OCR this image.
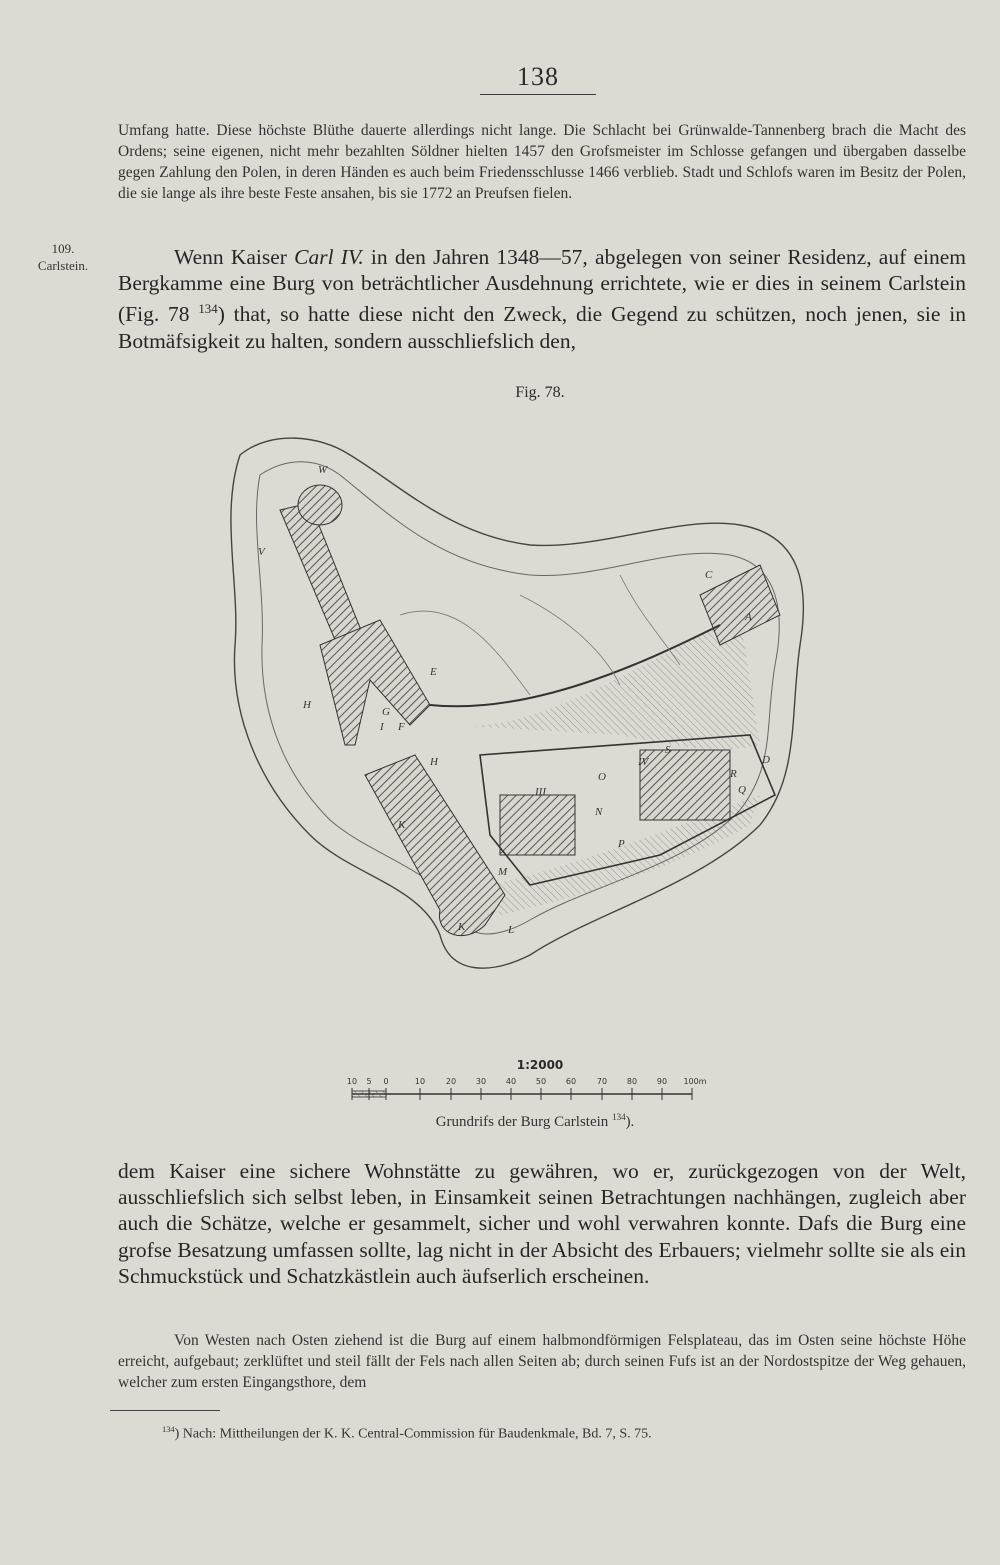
138
Umfang hatte. Diese höchste Blüthe dauerte allerdings nicht lange. Die Schlacht bei Grünwalde-Tannenberg brach die Macht des Ordens; seine eigenen, nicht mehr bezahlten Söldner hielten 1457 den Grofsmeister im Schlosse gefangen und übergaben dasselbe gegen Zahlung den Polen, in deren Händen es auch beim Friedensschlusse 1466 verblieb. Stadt und Schlofs waren im Besitz der Polen, die sie lange als ihre beste Feste ansahen, bis sie 1772 an Preufsen fielen.
109.
Carlstein.	Wenn Kaiser Carl IV. in den Jahren 1348—57, abgelegen von seiner Residenz, auf einem Bergkamme eine Burg von beträchtlicher Ausdehnung errichtete, wie er dies in seinem Carlstein (Fig. 78 $^{134}$) that, so hatte diese nicht den Zweck, die Gegend zu schützen, noch jenen, sie in Botmäfsigkeit zu halten, sondern ausschliefslich den,
Fig. 78.
W
V
C
A
E
G
I F
H
H	IV
S
D
R
Q
O
III
N
P
K
M
K	L
1:2000
10 5 0	10	20 30 40 50 60	70 80 90 100m
Grundrifs der Burg Carlstein $^{134}$).
dem Kaiser eine sichere Wohnstätte zu gewähren, wo er, zurückgezogen von der Welt, ausschliefslich sich selbst leben, in Einsamkeit seinen Betrachtungen nachhängen, zugleich aber auch die Schätze, welche er gesammelt, sicher und wohl verwahren konnte. Dafs die Burg eine grofse Besatzung umfassen sollte, lag nicht in der Absicht des Erbauers; vielmehr sollte sie als ein Schmuckstück und Schatzkästlein auch äufserlich erscheinen.
Von Westen nach Osten ziehend ist die Burg auf einem halbmondförmigen Felsplateau, das im Osten seine höchste Höhe erreicht, aufgebaut; zerklüftet und steil fällt der Fels nach allen Seiten ab; durch seinen Fufs ist an der Nordostspitze der Weg gehauen, welcher zum ersten Eingangsthore, dem
$^{134}$) Nach: Mittheilungen der K. K. Central-Commission für Baudenkmale, Bd. 7, S. 75.
